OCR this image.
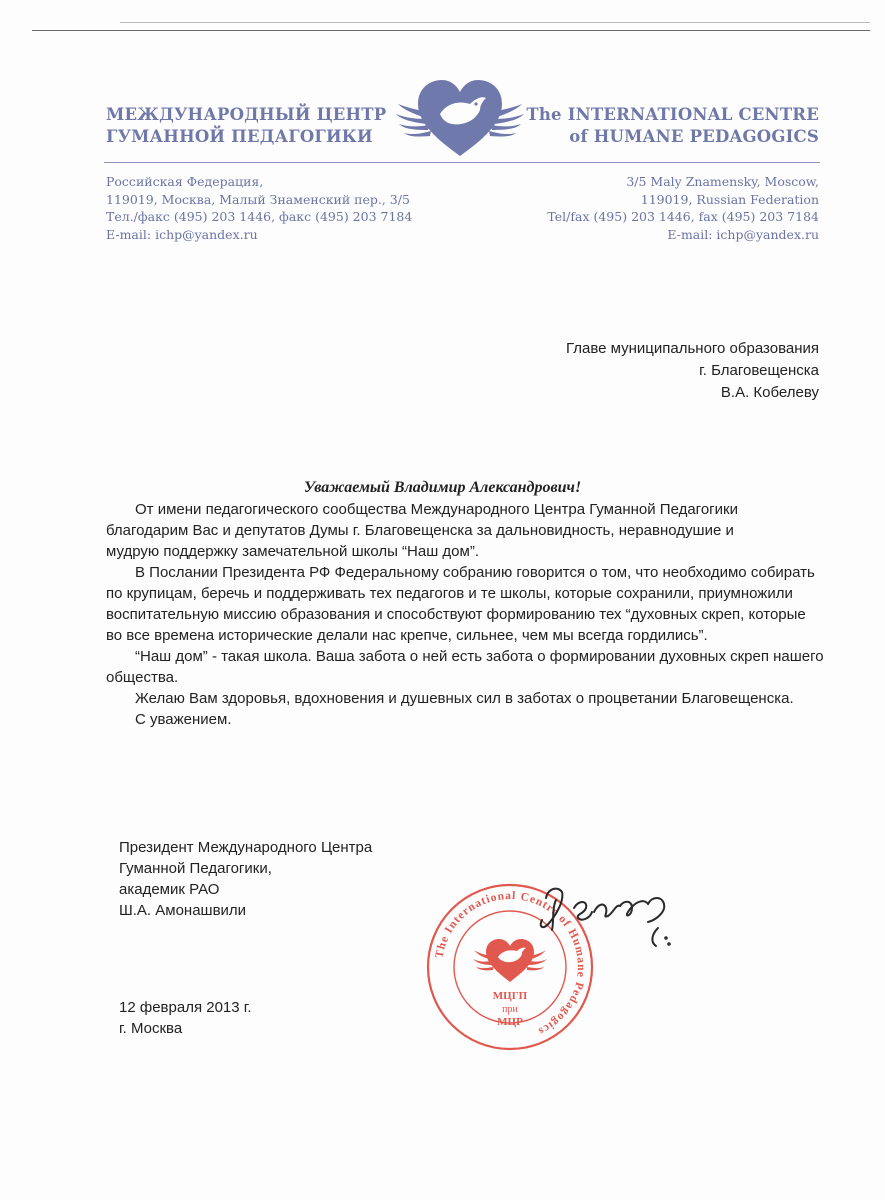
МЕЖДУНАРОДНЫЙ ЦЕНТР
ГУМАННОЙ ПЕДАГОГИКИ
The INTERNATIONAL CENTRE
of HUMANE PEDAGOGICS
Российская Федерация,
119019, Москва, Малый Знаменский пер., 3/5
Тел./факс (495) 203 1446, факс (495) 203 7184
E-mail: ichp@yandex.ru
3/5 Maly Znamensky, Moscow,
119019, Russian Federation
Tel/fax (495) 203 1446, fax (495) 203 7184
E-mail: ichp@yandex.ru
Главе муниципального образования
г. Благовещенска
В.А. Кобелеву
Уважаемый Владимир Александрович!

От имени педагогического сообщества Международного Центра Гуманной Педагогики
благодарим Вас и депутатов Думы г. Благовещенска за дальновидность, неравнодушие и
мудрую поддержку замечательной школы “Наш дом”.

В Послании Президента РФ Федеральному собранию говорится о том, что необходимо собирать
по крупицам, беречь и поддерживать тех педагогов и те школы, которые сохранили, приумножили
воспитательную миссию образования и способствуют формированию тех “духовных скреп, которые
во все времена исторические делали нас крепче, сильнее, чем мы всегда гордились”.

“Наш дом” - такая школа. Ваша забота о ней есть забота о формировании духовных скреп нашего
общества.

Желаю Вам здоровья, вдохновения и душевных сил в заботах о процветании Благовещенска.

С уважением.

Президент Международного Центра
Гуманной Педагогики,
академик РАО
Ш.А. Амонашвили
The International Centre of Humane Pedagogics
МЦГП
при
МЦР
12 февраля 2013 г.
г. Москва
